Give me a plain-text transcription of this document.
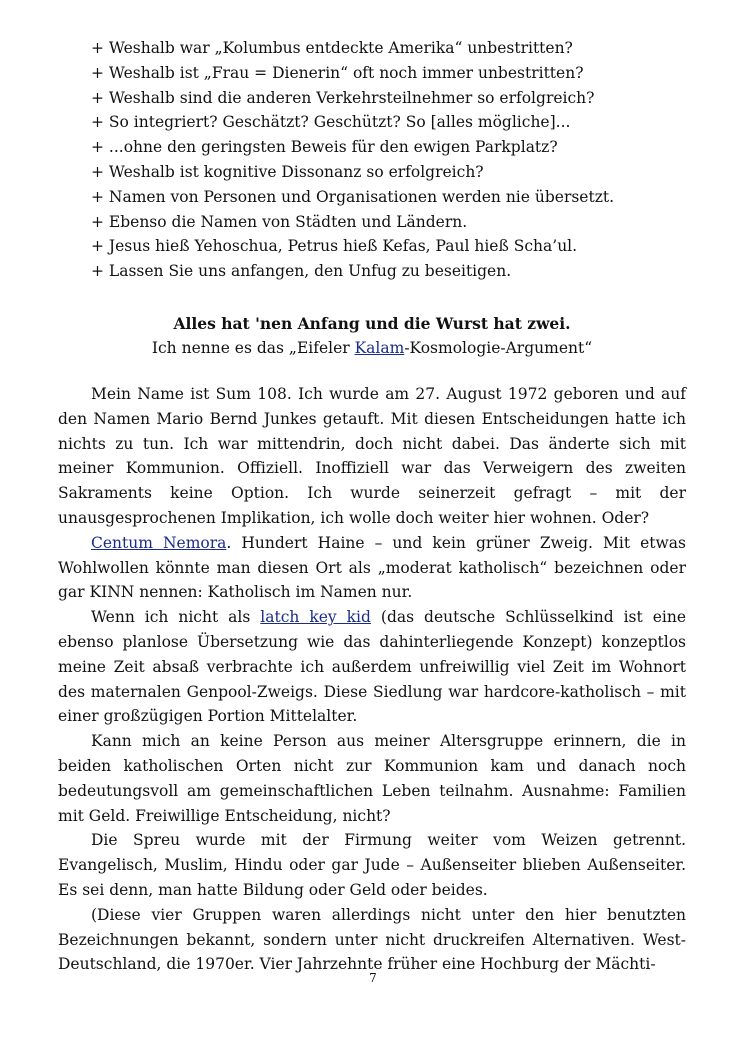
+ Weshalb war „Kolumbus entdeckte Amerika“ unbestritten?
+ Weshalb ist „Frau = Dienerin“ oft noch immer unbestritten?
+ Weshalb sind die anderen Verkehrsteilnehmer so erfolgreich?
+ So integriert? Geschätzt? Geschützt? So [alles mögliche]...
+ ...ohne den geringsten Beweis für den ewigen Parkplatz?
+ Weshalb ist kognitive Dissonanz so erfolgreich?
+ Namen von Personen und Organisationen werden nie übersetzt.
+ Ebenso die Namen von Städten und Ländern.
+ Jesus hieß Yehoschua, Petrus hieß Kefas, Paul hieß Scha’ul.
+ Lassen Sie uns anfangen, den Unfug zu beseitigen.
Alles hat 'nen Anfang und die Wurst hat zwei.
Ich nenne es das „Eifeler Kalam-Kosmologie-Argument“

Mein Name ist Sum 108. Ich wurde am 27. August 1972 geboren und auf den Namen Mario Bernd Junkes getauft. Mit diesen Entscheidungen hatte ich nichts zu tun. Ich war mittendrin, doch nicht dabei. Das änderte sich mit meiner Kommunion. Offiziell. Inoffiziell war das Verweigern des zweiten Sakraments keine Option. Ich wurde seinerzeit gefragt – mit der unausgesprochenen Implikation, ich wolle doch weiter hier wohnen. Oder?

Centum Nemora. Hundert Haine – und kein grüner Zweig. Mit etwas Wohlwollen könnte man diesen Ort als „moderat katholisch“ bezeichnen oder gar KINN nennen: Katholisch im Namen nur.

Wenn ich nicht als latch key kid (das deutsche Schlüsselkind ist eine ebenso planlose Übersetzung wie das dahinterliegende Konzept) konzeptlos meine Zeit absaß verbrachte ich außerdem unfreiwillig viel Zeit im Wohnort des maternalen Genpool-Zweigs. Diese Siedlung war hardcore-katholisch – mit einer großzügigen Portion Mittelalter.

Kann mich an keine Person aus meiner Altersgruppe erinnern, die in beiden katholischen Orten nicht zur Kommunion kam und danach noch bedeutungsvoll am gemeinschaftlichen Leben teilnahm. Ausnahme: Familien mit Geld. Freiwillige Entscheidung, nicht?

Die Spreu wurde mit der Firmung weiter vom Weizen getrennt. Evangelisch, Muslim, Hindu oder gar Jude – Außenseiter blieben Außenseiter. Es sei denn, man hatte Bildung oder Geld oder beides.

(Diese vier Gruppen waren allerdings nicht unter den hier benutzten Bezeichnungen bekannt, sondern unter nicht druckreifen Alternativen. West-Deutschland, die 1970er. Vier Jahrzehnte früher eine Hochburg der Mächti-

7
